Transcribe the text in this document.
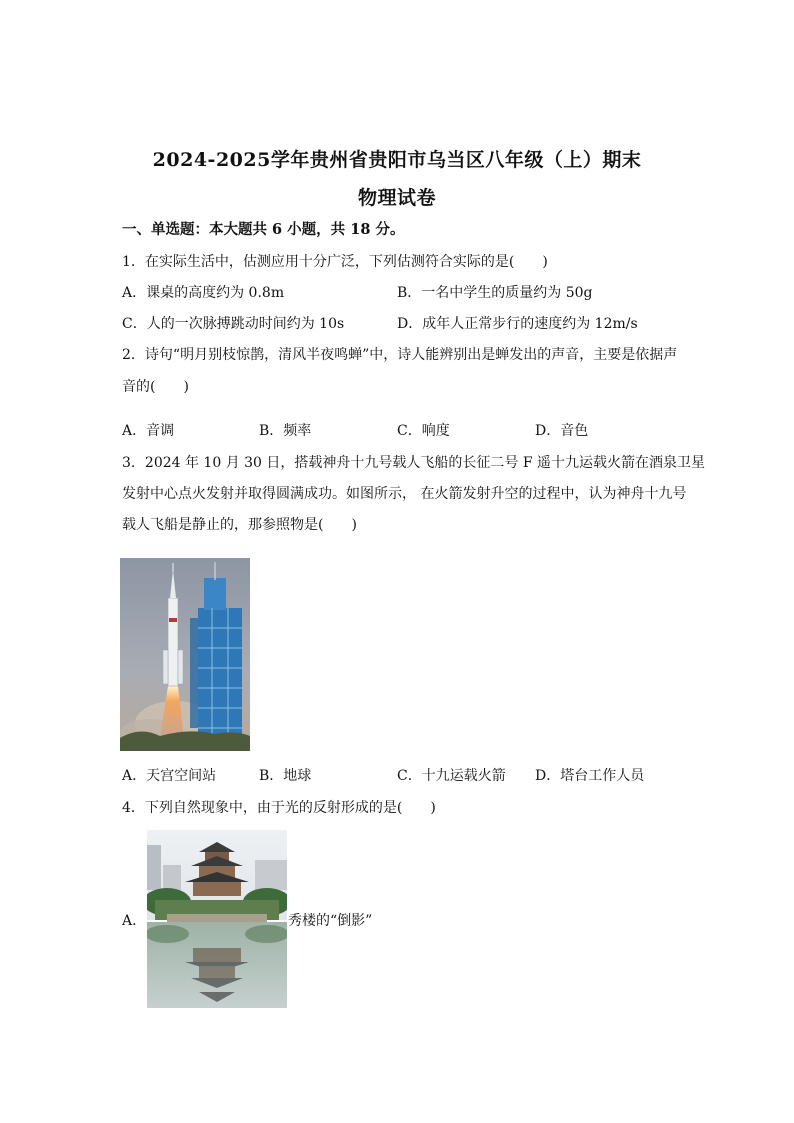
2024-2025学年贵州省贵阳市乌当区八年级（上）期末
物理试卷
一、单选题：本大题共 6 小题，共 18 分。
1．在实际生活中，估测应用十分广泛，下列估测符合实际的是(　　)
A．课桌的高度约为 0.8m	B．一名中学生的质量约为 50g
C．人的一次脉搏跳动时间约为 10s	D．成年人正常步行的速度约为 12m/s
2．诗句“明月别枝惊鹊，清风半夜鸣蝉”中，诗人能辨别出是蝉发出的声音，主要是依据声
音的(　　)
A．音调	B．频率	C．响度	D．音色
3．2024 年 10 月 30 日，搭载神舟十九号载人飞船的长征二号 F 遥十九运载火箭在酒泉卫星
发射中心点火发射并取得圆满成功。如图所示， 在火箭发射升空的过程中，认为神舟十九号
载人飞船是静止的，那参照物是(　　)
A．天宫空间站	B．地球	C．十九运载火箭 D．塔台工作人员
4．下列自然现象中，由于光的反射形成的是(　　)
A．	秀楼的“倒影”
